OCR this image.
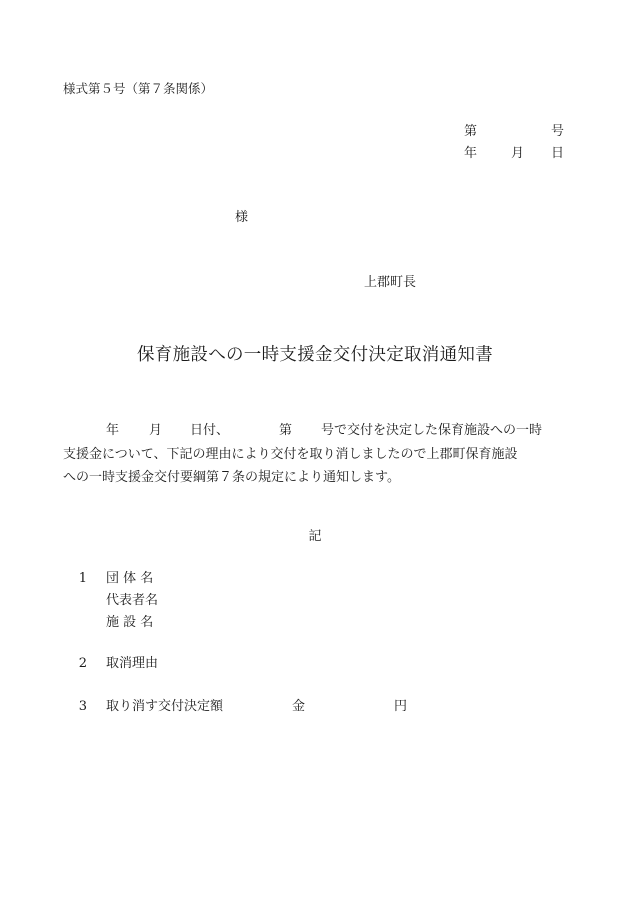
様式第５号（第７条関係）
第	号
年	月 日
様
上郡町長
保育施設への一時支援金交付決定取消通知書
年 月 日付、	第 号で交付を決定した保育施設への一時
支援金について、下記の理由により交付を取り消しましたので上郡町保育施設
への一時支援金交付要綱第７条の規定により通知します。
記
1 団 体 名
代表者名
施 設 名
2 取消理由
3 取り消す交付決定額	金	円
